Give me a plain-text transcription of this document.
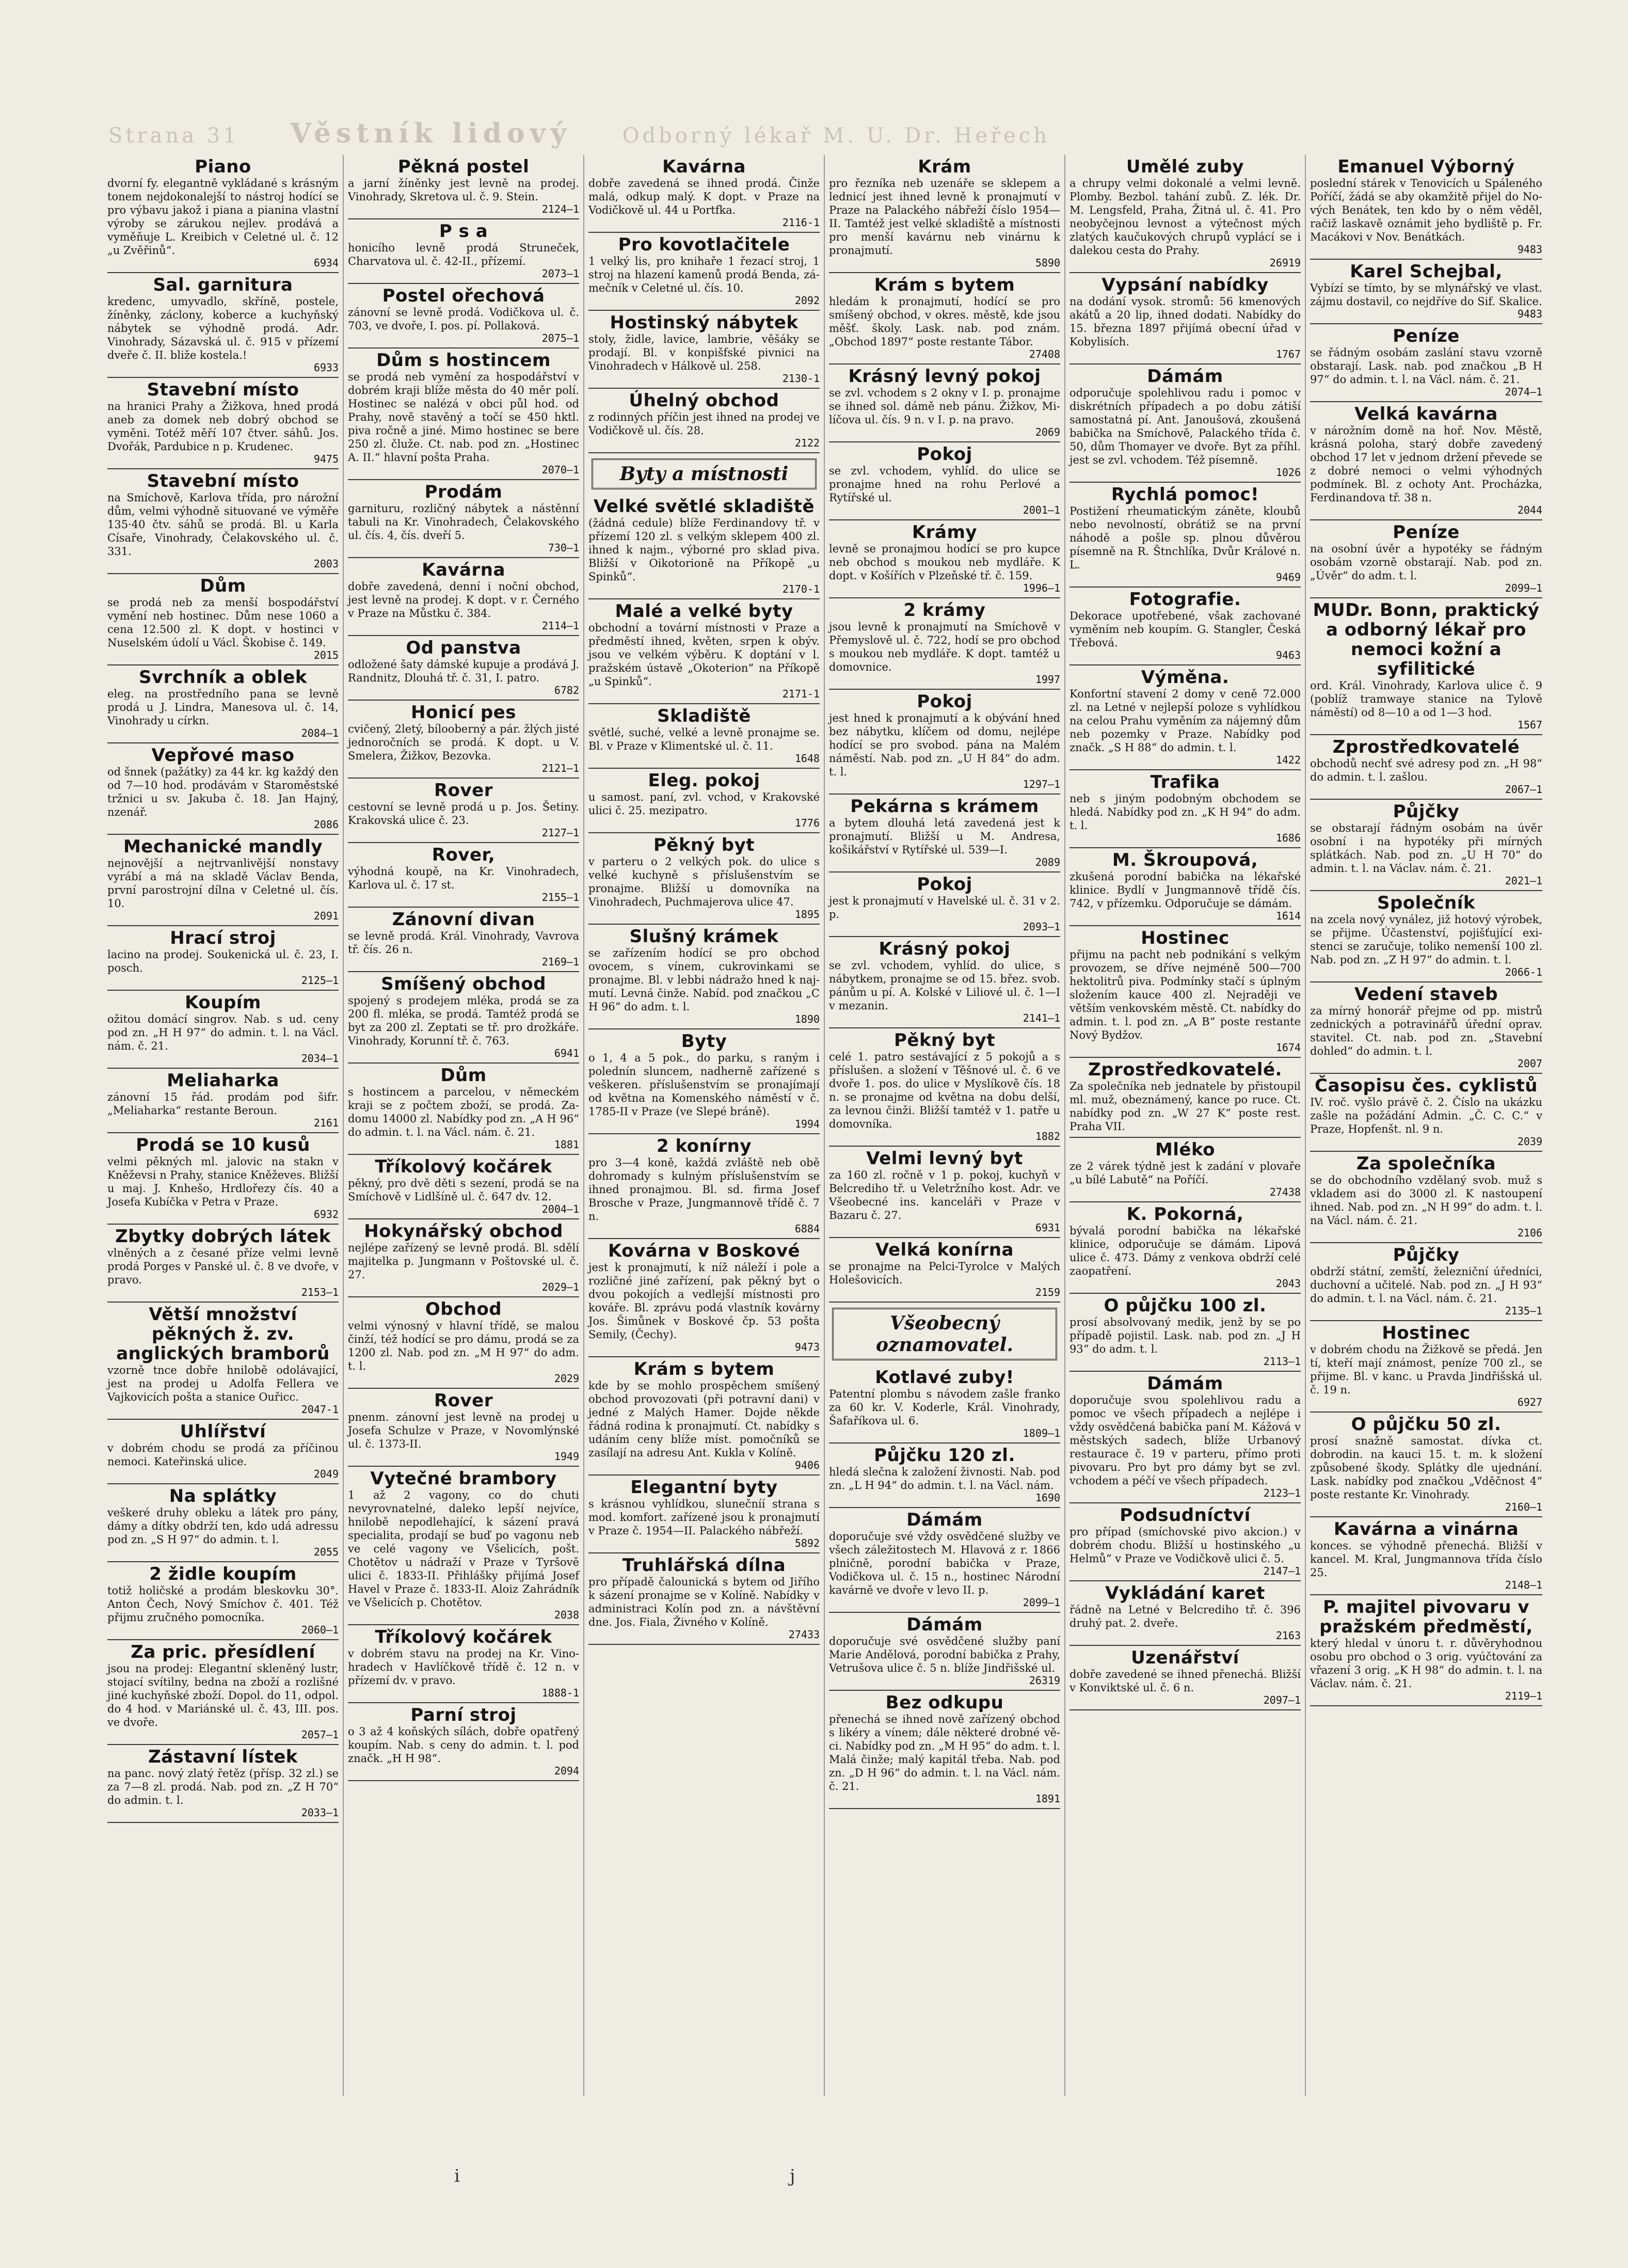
Strana 31 Věstník lidový Odborný lékař M. U. Dr. Heřech
Piano
dvorní fy. elegantně vykládané s krásným tonem nejdokonalejší to nástroj hodící se pro výbavu jakož i piana a pianina vlastní výroby se zárukou nejlev. prodává a vyměňuje L. Kreibich v Celetné ul. č. 12 „u Zvěřinů“.
6934
Sal. garnitura
kredenc, umyvadlo, skříně, postele, žíněnky, záclony, koberce a kuchyňský nábytek se výhodně prodá. Adr. Vinohrady, Sázavská ul. č. 915 v přízemí dveře č. II. bliže kostela.!
6933
Stavební místo
na hranici Prahy a Žižkova, hned prodá aneb za domek neb dobrý obchod se vyměni. Totéž měří 107 čtver. sáhů. Jos. Dvořák, Pardubice n p. Krudenec.
9475
Stavební místo
na Smíchově, Karlova třída, pro nárožní dům, velmi výhodně situované ve výměře 135·40 čtv. sáhů se prodá. Bl. u Karla Císaře, Vinohrady, Čelakovského ul. č. 331.
2003
Dům
se prodá neb za menší bospodářství vymění neb hostinec. Dům nese 1060 a cena 12.500 zl. K dopt. v hostinci v Nuselském údolí u Václ. Škobise č. 149.
2015
Svrchník a oblek
eleg. na prostředního pana se levně prodá u J. Lindra, Manesova ul. č. 14, Vinohrady u církn.
2084—1
Vepřové maso
od šnnek (pažátky) za 44 kr. kg každý den od 7—10 hod. prodávám v Staroměstské tržnici u sv. Jakuba č. 18. Jan Hajný, nzenář.
2086
Mechanické mandly
nejnovější a nejtrvanlivější nonstavy vyrábí a má na skladě Václav Benda, první parostrojní dílna v Celetné ul. čís. 10.
2091
Hrací stroj
lacino na prodej. Soukenická ul. č. 23, I. posch.
2125—1
Koupím
ožitou domácí singrov. Nab. s ud. ceny pod zn. „H H 97“ do admin. t. l. na Václ. nám. č. 21.
2034—1
Meliaharka
zánovní 15 řád. prodám pod šifr. „Meliaharka“ restante Beroun.
2161
Prodá se 10 kusů
velmi pěkných ml. jalovic na stakn v Kněževsi n Prahy, stanice Kněževes. Bližší u maj. J. Knhešo, Hrdlořezy čís. 40 a Josefa Kubíčka v Petra v Praze.
6932
Zbytky dobrých látek
vlněných a z česané příze velmi levně prodá Porges v Panské ul. č. 8 ve dvoře, v pravo.
2153—1
Větší množství pěkných ž. zv. anglických bramborů
vzorně tnce dobře hnilobě odolávající, jest na prodej u Adolfa Fellera ve Vajkovicích pošta a stanice Ouřicc.
2047-1
Uhlířství
v dobrém chodu se prodá za příčinou nemoci. Kateřinská ulice.
2049
Na splátky
veškeré druhy obleku a látek pro pány, dámy a dítky obdrží ten, kdo udá adressu pod zn. „S H 97“ do admin. t. l.
2055
2 židle koupím
totiž holičské a prodám bleskovku 30°. Anton Čech, Nový Smíchov č. 401. Též přijmu zručného pomocníka.
2060—1
Za pric. přesídlení
jsou na prodej: Elegantní skleněný lustr, stojací svítilny, bedna na zboží a rozlišné jiné kuchyňské zboží. Dopol. do 11, odpol. do 4 hod. v Mariánské ul. č. 43, III. pos. ve dvoře.
2057—1
Zástavní lístek
na panc. nový zlatý řetěz (přísp. 32 zl.) se za 7—8 zl. prodá. Nab. pod zn. „Z H 70“ do admin. t. l.
2033—1
Pěkná postel
a jarní žíněnky jest levně na prodej. Vinohrady, Skretova ul. č. 9. Stein.
2124—1
P s a
honicího levně prodá Struneček, Charvatova ul. č. 42-II., přízemí.
2073—1
Postel ořechová
zánovní se levně prodá. Vodičkova ul. č. 703, ve dvoře, I. pos. pí. Pollaková.
2075—1
Dům s hostincem
se prodá neb vymění za hospodářství v dobrém kraji blíže města do 40 měr polí. Hostinec se nalézá v obci půl hod. od Prahy, nově stavěný a točí se 450 hktl. piva ročně a jiné. Mimo hostinec se bere 250 zl. čluže. Ct. nab. pod zn. „Hostinec A. II.“ hlavní pošta Praha.
2070—1
Prodám
garnituru, rozličný nábytek a nástěnní tabuli na Kr. Vinohradech, Čelakovského ul. čís. 4, čís. dveří 5.
730—1
Kavárna
dobře zavedená, denní i noční obchod, jest levně na prodej. K dopt. v r. Černého v Praze na Můstku č. 384.
2114—1
Od panstva
odložené šaty dámské kupuje a prodává J. Randnitz, Dlouhá tř. č. 31, I. patro.
6782
Honicí pes
cvičený, 2letý, bílooberný a pár. žlých jisté jednoročních se prodá. K dopt. u V. Smelera, Žižkov, Bezovka.
2121—1
Rover
cestovní se levně prodá u p. Jos. Šetiny. Krakovská ulice č. 23.
2127—1
Rover,
výhodná koupě, na Kr. Vinohradech, Karlova ul. č. 17 st.
2155—1
Zánovní divan
se levně prodá. Král. Vinohrady, Vavrova tř. čís. 26 n.
2169—1
Smíšený obchod
spojený s prodejem mléka, prodá se za 200 fl. mléka, se prodá. Tamtéž prodá se byt za 200 zl. Zeptati se tř. pro drožkáře. Vinohrady, Korunní tř. č. 763.
6941
Dům
s hostincem a parcelou, v německém kraji se z počtem zboží, se prodá. Zadomu 14000 zl. Nabídky pod zn. „A H 96“ do admin. t. l. na Václ. nám. č. 21.
1881
Tříkolový kočárek
pěkný, pro dvě děti s sezení, prodá se na Smíchově v Lidlšíně ul. č. 647 dv. 12.
2004—1
Hokynářský obchod
nejlépe zařízený se levně prodá. Bl. sdělí majitelka p. Jungmann v Poštovské ul. č. 27.
2029—1
Obchod
velmi výnosný v hlavní třídě, se malou činží, též hodící se pro dámu, prodá se za 1200 zl. Nab. pod zn. „M H 97“ do adm. t. l.
2029
Rover
pnenm. zánovní jest levně na prodej u Josefa Schulze v Praze, v Novomlýnské ul. č. 1373-II.
1949
Vytečné brambory
1 až 2 vagony, co do chuti nevyrovnatelné, daleko lepší nejvíce, hnilobě nepodlehající, k sázení pravá specialita, prodají se buď po vagonu neb ve celé vagony ve Všelicích, pošt. Chotětov u nádraží v Praze v Tyršově ulici č. 1833-II. Přihlášky přijímá Josef Havel v Praze č. 1833-II. Aloiz Zahrádník ve Všelicích p. Chotětov.
2038
Tříkolový kočárek
v dobrém stavu na prodej na Kr. Vinohradech v Havlíčkově třídě č. 12 n. v přízemí dv. v pravo.
1888-1
Parní stroj
o 3 až 4 koňských sílách, dobře opatřený koupím. Nab. s ceny do admin. t. l. pod značk. „H H 98“.
2094
Kavárna
dobře zavedená se ihned prodá. Činže malá, odkup malý. K dopt. v Praze na Vodičkově ul. 44 u Portfka.
2116-1
Pro kovotlačitele
1 velký lis, pro knihaře 1 řezací stroj, 1 stroj na hlazení kamenů prodá Benda, zámečník v Celetné ul. čís. 10.
2092
Hostinský nábytek
stoly, židle, lavice, lambrie, věšáky se prodají. Bl. v konpišfské pivnici na Vinohradech v Hálkově ul. 258.
2130-1
Úhelný obchod
z rodinných příčin jest ihned na prodej ve Vodičkově ul. čís. 28.
2122
Byty a místnosti
Velké světlé skladiště
(žádná cedule) blíže Ferdinandovy tř. v přízemí 120 zl. s velkým sklepem 400 zl. ihned k najm., výborné pro sklad piva. Bližší v Oikotorioně na Příkopě „u Spinků“.
2170-1
Malé a velké byty
obchodní a tovární místnosti v Praze a předměstí ihned, květen, srpen k obýv. jsou ve velkém výběru. K doptání v l. pražském ústavě „Okoterion“ na Příkopě „u Spinků“.
2171-1
Skladiště
světlé, suché, velké a levně pronajme se. Bl. v Praze v Klimentské ul. č. 11.
1648
Eleg. pokoj
u samost. paní, zvl. vchod, v Krakovské ulici č. 25. mezipatro.
1776
Pěkný byt
v parteru o 2 velkých pok. do ulice s velké kuchyně s příslušenstvím se pronajme. Bližší u domovníka na Vinohradech, Puchmajerova ulice 47.
1895
Slušný krámek
se zařízením hodící se pro obchod ovocem, s vínem, cukrovinkami se pronajme. Bl. v lebbi nádražo hned k najmutí. Levná činže. Nabíd. pod značkou „C H 96“ do adm. t. l.
1890
Byty
o 1, 4 a 5 pok., do parku, s raným i polednín sluncem, nadherně zařízené s veškeren. příslušenstvím se pronajímají od května na Komenského náměstí v č. 1785-II v Praze (ve Slepé bráně).
1994
2 konírny
pro 3—4 koně, každá zvláště neb obě dohromady s kulným příslušenstvím se ihned pronajmou. Bl. sd. firma Josef Brosche v Praze, Jungmannově třídě č. 7 n.
6884
Kovárna v Boskové
jest k pronajmutí, k níž náleží i pole a rozličné jiné zařízení, pak pěkný byt o dvou pokojích a vedlejší místnosti pro kováře. Bl. zprávu podá vlastník kovárny Jos. Šimůnek v Boskové čp. 53 pošta Semily, (Čechy).
9473
Krám s bytem
kde by se mohlo prospěchem smíšený obchod provozovati (při potravní dani) v jedné z Malých Hamer. Dojde někde řádná rodina k pronajmutí. Ct. nabídky s udáním ceny blíže míst. pomočníků se zasílají na adresu Ant. Kukla v Kolíně.
9406
Elegantní byty
s krásnou vyhlídkou, slunečníí strana s mod. komfort. zařízené jsou k pronajmutí v Praze č. 1954—II. Palackého nábřeží.
5892
Truhlářská dílna
pro případě čalounická s bytem od Jiřího k sázení pronajme se v Kolíně. Nabídky v administraci Kolín pod zn. a návštěvní dne. Jos. Fiala, Živného v Kolíně.
27433
Krám
pro řezníka neb uzenáře se sklepem a lednicí jest ihned levně k pronajmutí v Praze na Palackého nábřeží číslo 1954—II. Tamtéž jest velké skladiště a místnosti pro menší kavárnu neb vinárnu k pronajmutí.
5890
Krám s bytem
hledám k pronajmutí, hodící se pro smíšený obchod, v okres. městě, kde jsou měšť. školy. Lask. nab. pod znám. „Obchod 1897“ poste restante Tábor.
27408
Krásný levný pokoj
se zvl. vchodem s 2 okny v I. p. pronajme se ihned sol. dámě neb pánu. Žižkov, Milíčova ul. čís. 9 n. v I. p. na pravo.
2069
Pokoj
se zvl. vchodem, vyhlíd. do ulice se pronajme hned na rohu Perlové a Rytířské ul.
2001—1
Krámy
levně se pronajmou hodící se pro kupce neb obchod s moukou neb mydláře. K dopt. v Košířích v Plzeňské tř. č. 159.
1996—1
2 krámy
jsou levně k pronajmutí na Smíchově v Přemyslově ul. č. 722, hodí se pro obchod s moukou neb mydláře. K dopt. tamtéž u domovnice.
1997
Pokoj
jest hned k pronajmutí a k obývání hned bez nábytku, klíčem od domu, nejlépe hodící se pro svobod. pána na Malém náměstí. Nab. pod zn. „U H 84“ do adm. t. l.
1297—1
Pekárna s krámem
a bytem dlouhá letá zavedená jest k pronajmutí. Bližší u M. Andresa, košikářství v Rytířské ul. 539—I.
2089
Pokoj
jest k pronajmutí v Havelské ul. č. 31 v 2. p.
2093—1
Krásný pokoj
se zvl. vchodem, vyhlíd. do ulice, s nábytkem, pronajme se od 15. břez. svob. pánům u pí. A. Kolské v Liliové ul. č. 1—I v mezanin.
2141—1
Pěkný byt
celé 1. patro sestávající z 5 pokojů a s příslušen. a složení v Těšnové ul. č. 6 ve dvoře 1. pos. do ulice v Myslíkově čís. 18 n. se pronajme od května na dobu delší, za levnou činži. Bližší tamtéž v 1. patře u domovníka.
1882
Velmi levný byt
za 160 zl. ročně v 1 p. pokoj, kuchyň v Belcrediho tř. u Veletržního kost. Adr. ve Všeobecné ins. kanceláři v Praze v Bazaru č. 27.
6931
Velká konírna
se pronajme na Pelci-Tyrolce v Malých Holešovicích.
2159
Všeobecný oznamovatel.
Kotlavé zuby!
Patentní plombu s návodem zašle franko za 60 kr. V. Koderle, Král. Vinohrady, Šafaříkova ul. 6.
1809—1
Půjčku 120 zl.
hledá slečna k založení živnosti. Nab. pod zn. „L H 94“ do admin. t. l. na Václ. nám.
1690
Dámám
doporučuje své vždy osvědčené služby ve všech záležitostech M. Hlavová z r. 1866 plničně, porodní babička v Praze, Vodičkova ul. č. 15 n., hostinec Národní kavárně ve dvoře v levo II. p.
2099—1
Dámám
doporučuje své osvědčené služby paní Marie Andělová, porodní babička z Prahy, Vetrušova ulice č. 5 n. blíže Jindřišské ul.
26319
Bez odkupu
přenechá se ihned nově zařízený obchod s likéry a vínem; dále některé drobné věci. Nabídky pod zn. „M H 95“ do adm. t. l. Malá činže; malý kapitál třeba. Nab. pod zn. „D H 96“ do admin. t. l. na Václ. nám. č. 21.
1891
Umělé zuby
a chrupy velmi dokonalé a velmi levně. Plomby. Bezbol. tahání zubů. Z. lék. Dr. M. Lengsfeld, Praha, Žitná ul. č. 41. Pro neobyčejnou levnost a výtečnost mých zlatých kaučukových chrupů vyplácí se i dalekou cesta do Prahy.
26919
Vypsání nabídky
na dodání vysok. stromů: 56 kmenových akátů a 20 lip, ihned dodati. Nabídky do 15. března 1897 přijímá obecní úřad v Kobylisích.
1767
Dámám
odporučuje spolehlivou radu i pomoc v diskrétních případech a po dobu zátiší samostatná pí. Ant. Janoušová, zkoušená babička na Smíchově, Palackého třída č. 50, dům Thomayer ve dvoře. Byt za příhl. jest se zvl. vchodem. Též písemně.
1026
Rychlá pomoc!
Postižení rheumatickým záněte, kloubů nebo nevolností, obrátiž se na první náhodě a pošle sp. plnou důvěrou písemně na R. Štnchlíka, Dvůr Králové n. L.
9469
Fotografie.
Dekorace upotřebené, však zachované vyměním neb koupím. G. Stangler, Česká Třebová.
9463
Výměna.
Konfortní stavení 2 domy v ceně 72.000 zl. na Letné v nejlepší poloze s vyhlídkou na celou Prahu vyměním za nájemný dům neb pozemky v Praze. Nabídky pod značk. „S H 88“ do admin. t. l.
1422
Trafika
neb s jiným podobným obchodem se hledá. Nabídky pod zn. „K H 94“ do adm. t. l.
1686
M. Škroupová,
zkušená porodní babička na lékařské klinice. Bydlí v Jungmannově třídě čís. 742, v přízemku. Odporučuje se dámám.
1614
Hostinec
přijmu na pacht neb podnikání s velkým provozem, se dříve nejméně 500—700 hektolitrů piva. Podmínky stačí s úplným složením kauce 400 zl. Nejraději ve větším venkovském městě. Ct. nabídky do admin. t. l. pod zn. „A B“ poste restante Nový Bydžov.
1674
Zprostředkovatelé.
Za společníka neb jednatele by přistoupil ml. muž, obeznámený, kance po ruce. Ct. nabídky pod zn. „W 27 K“ poste rest. Praha VII.
Mléko
ze 2 várek týdně jest k zadání v plovaře „u bílé Labutě“ na Poříčí.
27438
K. Pokorná,
bývalá porodní babička na lékařské klinice, odporučuje se dámám. Lipová ulice č. 473. Dámy z venkova obdrží celé zaopatření.
2043
O půjčku 100 zl.
prosí absolvovaný medik, jenž by se po případě pojistil. Lask. nab. pod zn. „J H 93“ do adm. t. l.
2113—1
Dámám
doporučuje svou spolehlivou radu a pomoc ve všech případech a nejlépe i vždy osvědčená babička paní M. Kážová v městských sadech, blíže Urbanový restaurace č. 19 v parteru, přímo proti pivovaru. Pro byt pro dámy byt se zvl. vchodem a péčí ve všech případech.
2123—1
Podsudníctví
pro případ (smíchovské pivo akcion.) v dobrém chodu. Bližší u hostinského „u Helmů“ v Praze ve Vodičkově ulici č. 5.
2147—1
Vykládání karet
řádně na Letné v Belcrediho tř. č. 396 druhý pat. 2. dveře.
2163
Uzenářství
dobře zavedené se ihned přenechá. Bližší v Konviktské ul. č. 6 n.
2097—1
Emanuel Výborný
poslední stárek v Tenovicích u Spáleného Poříčí, žádá se aby okamžitě přijel do Nových Benátek, ten kdo by o něm věděl, račiž laskavě oznámit jeho bydliště p. Fr. Macákovi v Nov. Benátkách.
9483
Karel Schejbal,
Vybízí se tímto, by se mlynářský ve vlast. zájmu dostavil, co nejdříve do Sif. Skalice.
9483
Peníze
se řádným osobám zaslání stavu vzorně obstarají. Lask. nab. pod značkou „B H 97“ do admin. t. l. na Václ. nám. č. 21.
2074—1
Velká kavárna
v nárožním domě na hoř. Nov. Městě, krásná poloha, starý dobře zavedený obchod 17 let v jednom držení převede se z dobré nemoci o velmi výhodných podmínek. Bl. z ochoty Ant. Procházka, Ferdinandova tř. 38 n.
2044
Peníze
na osobní úvěr a hypotéky se řádným osobám vzorně obstarají. Nab. pod zn. „Úvěr“ do adm. t. l.
2099—1
MUDr. Bonn, praktický a odborný lékař pro nemoci kožní a syfilitické
ord. Král. Vinohrady, Karlova ulice č. 9 (poblíž tramwaye stanice na Tylově náměstí) od 8—10 a od 1—3 hod.
1567
Zprostředkovatelé
obchodů nechť své adresy pod zn. „H 98“ do admin. t. l. zašlou.
2067—1
Půjčky
se obstarají řádným osobám na úvěr osobní i na hypotéky při mírných splátkách. Nab. pod zn. „U H 70“ do admin. t. l. na Václav. nám. č. 21.
2021—1
Společník
na zcela nový vynález, již hotový výrobek, se přijme. Účastenství, pojišťující existenci se zaručuje, toliko nemenší 100 zl. Nab. pod zn. „Z H 97“ do admin. t. l.
2066-1
Vedení staveb
za mírný honorář přejme od pp. mistrů zednických a potravinářů úřední oprav. stavitel. Ct. nab. pod zn. „Stavební dohled“ do admin. t. l.
2007
Časopisu čes. cyklistů
IV. roč. vyšlo právě č. 2. Číslo na ukázku zašle na požádání Admin. „Č. C. C.“ v Praze, Hopfenšt. nl. 9 n.
2039
Za společníka
se do obchodního vzdělaný svob. muž s vkladem asi do 3000 zl. K nastoupení ihned. Nab. pod zn. „N H 99“ do adm. t. l. na Václ. nám. č. 21.
2106
Půjčky
obdrží státní, zemští, železniční úředníci, duchovní a učitelé. Nab. pod zn. „J H 93“ do admin. t. l. na Václ. nám. č. 21.
2135—1
Hostinec
v dobrém chodu na Žižkově se předá. Jen tí, kteří mají známost, peníze 700 zl., se přijme. Bl. v kanc. u Pravda Jindřišská ul. č. 19 n.
6927
O půjčku 50 zl.
prosí snažně samostat. dívka ct. dobrodin. na kauci 15. t. m. k složení způsobené škody. Splátky dle ujednání. Lask. nabídky pod značkou „Vděčnost 4“ poste restante Kr. Vinohrady.
2160—1
Kavárna a vinárna
konces. se výhodně přenechá. Bližší v kancel. M. Kral, Jungmannova třída číslo 25.
2148—1
P. majitel pivovaru v pražském předměstí,
který hledal v únoru t. r. důvěryhodnou osobu pro obchod o 3 orig. vyúčtování za vřazení 3 orig. „K H 98“ do admin. t. l. na Václav. nám. č. 21.
2119—1
i	j
